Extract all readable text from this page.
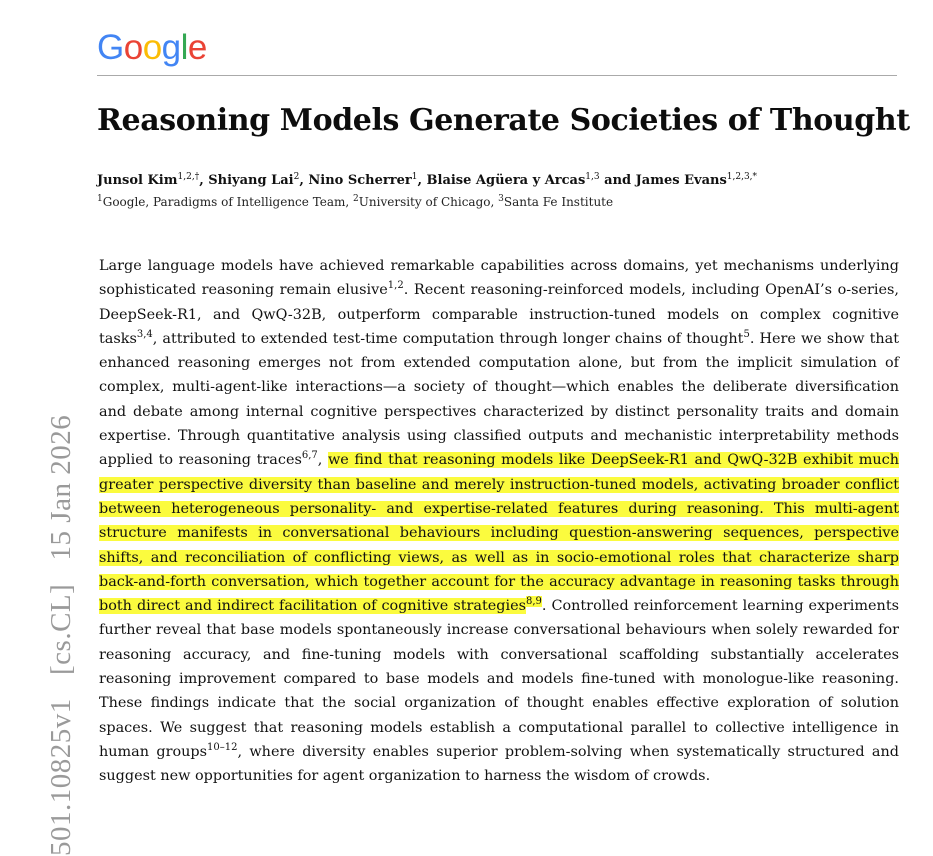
Google
Reasoning Models Generate Societies of Thought
Junsol Kim$^{1,2,\dagger}$, Shiyang Lai$^2$, Nino Scherrer$^1$, Blaise Agüera y Arcas$^{1,3}$ and James Evans$^{1,2,3,*}$
$^1$Google, Paradigms of Intelligence Team, $^2$University of Chicago, $^3$Santa Fe Institute
Large language models have achieved remarkable capabilities across domains, yet mechanisms underlying sophisticated reasoning remain elusive$^{1,2}$. Recent reasoning-reinforced models, including OpenAI’s o-series, DeepSeek-R1, and QwQ-32B, outperform comparable instruction-tuned models on complex cognitive tasks$^{3,4}$, attributed to extended test-time computation through longer chains of thought$^5$. Here we show that enhanced reasoning emerges not from extended computation alone, but from the implicit simulation of complex, multi-agent-like interactions—a society of thought—which enables the deliberate diversification and debate among internal cognitive perspectives characterized by distinct personality traits and domain expertise. Through quantitative analysis using classified outputs and mechanistic interpretability methods applied to reasoning traces$^{6,7}$, we find that reasoning models like DeepSeek-R1 and QwQ-32B exhibit much greater perspective diversity than baseline and merely instruction-tuned models, activating broader conflict between heterogeneous personality- and expertise-related features during reasoning. This multi-agent structure manifests in conversational behaviours including question-answering sequences, perspective shifts, and reconciliation of conflicting views, as well as in socio-emotional roles that characterize sharp back-and-forth conversation, which together account for the accuracy advantage in reasoning tasks through both direct and indirect facilitation of cognitive strategies$^{8,9}$. Controlled reinforcement learning experiments further reveal that base models spontaneously increase conversational behaviours when solely rewarded for reasoning accuracy, and fine-tuning models with conversational scaffolding substantially accelerates reasoning improvement compared to base models and models fine-tuned with monologue-like reasoning. These findings indicate that the social organization of thought enables effective exploration of solution spaces. We suggest that reasoning models establish a computational parallel to collective intelligence in human groups$^{10-12}$, where diversity enables superior problem-solving when systematically structured and suggest new opportunities for agent organization to harness the wisdom of crowds.
501.10825v1   [cs.CL]   15 Jan 2026
